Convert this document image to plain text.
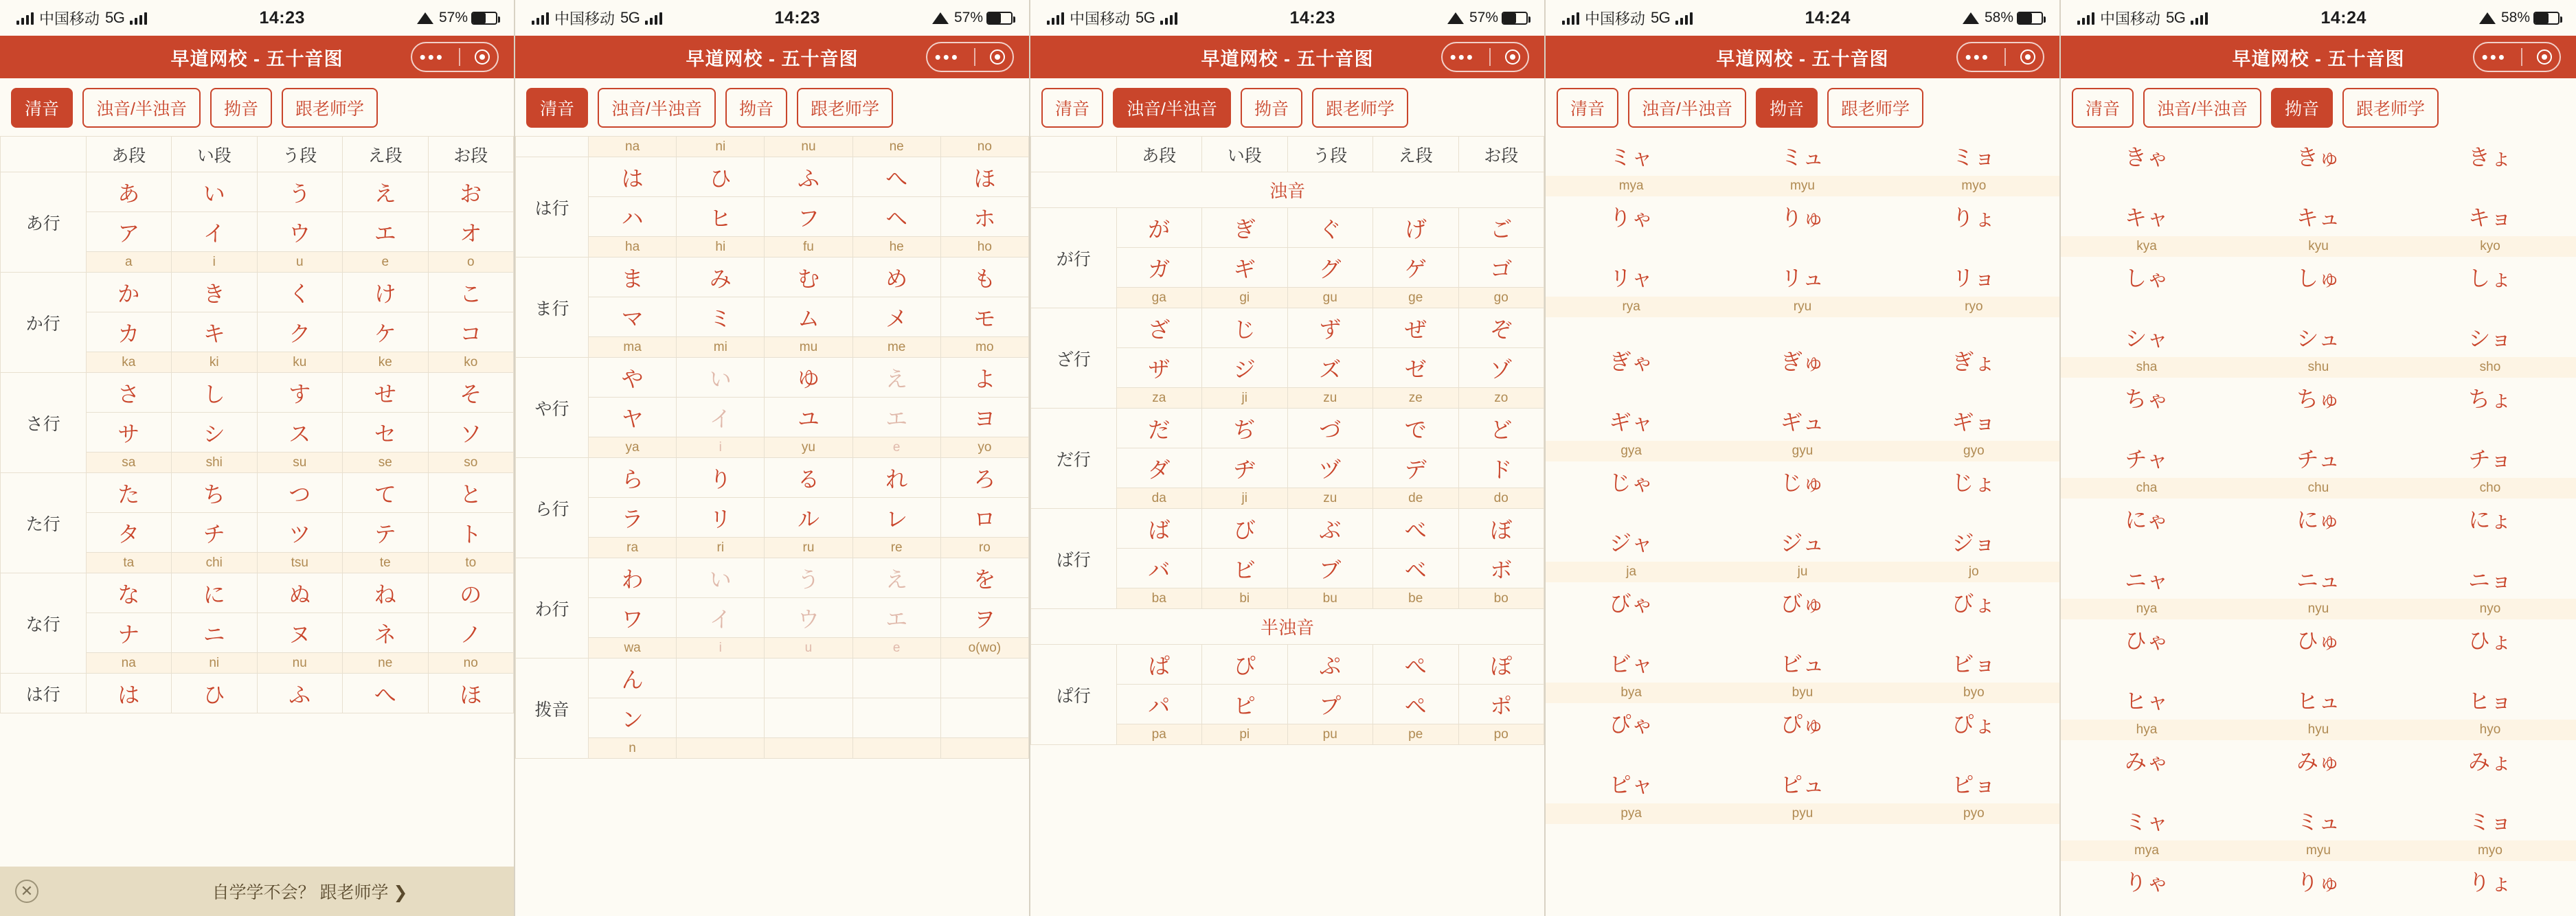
中国移动 5G	14:23	57%
早道网校 - 五十音图	•••
清音	浊音/半浊音	拗音	跟老师学
	あ段	い段	う段	え段	お段
あ行	あ	い	う	え	お
	ア	イ	ウ	エ	オ
	a	i	u	e	o
か行	か	き	く	け	こ
	カ	キ	ク	ケ	コ
	ka	ki	ku	ke	ko
さ行	さ	し	す	せ	そ
	サ	シ	ス	セ	ソ
	sa	shi	su	se	so
た行	た	ち	つ	て	と
	タ	チ	ツ	テ	ト
	ta	chi	tsu	te	to
な行	な	に	ぬ	ね	の
	ナ	ニ	ヌ	ネ	ノ
	na	ni	nu	ne	no
は行	は	ひ	ふ	へ	ほ
✕	自学学不会？ 跟老师学 ❯
中国移动 5G	14:23	57%
早道网校 - 五十音图	•••
清音	浊音/半浊音	拗音	跟老师学
	na	ni	nu	ne	no
は行	は	ひ	ふ	へ	ほ
	ハ	ヒ	フ	ヘ	ホ
	ha	hi	fu	he	ho
ま行	ま	み	む	め	も
	マ	ミ	ム	メ	モ
	ma	mi	mu	me	mo
や行	や	い	ゆ	え	よ
	ヤ	イ	ユ	エ	ヨ
	ya	i	yu	e	yo
ら行	ら	り	る	れ	ろ
	ラ	リ	ル	レ	ロ
	ra	ri	ru	re	ro
わ行	わ	い	う	え	を
	ワ	イ	ウ	エ	ヲ
	wa	i	u	e	o(wo)
拨音	ん				
	ン				
	n				
中国移动 5G	14:23	57%
早道网校 - 五十音图	•••
清音	浊音/半浊音	拗音	跟老师学
	あ段	い段	う段	え段	お段
浊音					
が行	が	ぎ	ぐ	げ	ご
	ガ	ギ	グ	ゲ	ゴ
	ga	gi	gu	ge	go
ざ行	ざ	じ	ず	ぜ	ぞ
	ザ	ジ	ズ	ゼ	ゾ
	za	ji	zu	ze	zo
だ行	だ	ぢ	づ	で	ど
	ダ	ヂ	ヅ	デ	ド
	da	ji	zu	de	do
ば行	ば	び	ぶ	べ	ぼ
	バ	ビ	ブ	ベ	ボ
	ba	bi	bu	be	bo
半浊音					
ぱ行	ぱ	ぴ	ぷ	ぺ	ぽ
	パ	ピ	プ	ペ	ポ
	pa	pi	pu	pe	po
中国移动 5G	14:24	58%
早道网校 - 五十音图	•••
清音	浊音/半浊音	拗音	跟老师学
ミャ	ミュ	ミョ
mya	myu	myo
りゃ	りゅ	りょ

リャ	リュ	リョ
rya	ryu	ryo

ぎゃ	ぎゅ	ぎょ

ギャ	ギュ	ギョ
gya	gyu	gyo
じゃ	じゅ	じょ

ジャ	ジュ	ジョ
ja	ju	jo
びゃ	びゅ	びょ

ビャ	ビュ	ビョ
bya	byu	byo
ぴゃ	ぴゅ	ぴょ

ピャ	ピュ	ピョ
pya	pyu	pyo
中国移动 5G	14:24	58%
早道网校 - 五十音图	•••
清音	浊音/半浊音	拗音	跟老师学
きゃ	きゅ	きょ

キャ	キュ	キョ
kya	kyu	kyo
しゃ	しゅ	しょ

シャ	シュ	ショ
sha	shu	sho
ちゃ	ちゅ	ちょ

チャ	チュ	チョ
cha	chu	cho
にゃ	にゅ	にょ

ニャ	ニュ	ニョ
nya	nyu	nyo
ひゃ	ひゅ	ひょ

ヒャ	ヒュ	ヒョ
hya	hyu	hyo
みゃ	みゅ	みょ

ミャ	ミュ	ミョ
mya	myu	myo
りゃ	りゅ	りょ
